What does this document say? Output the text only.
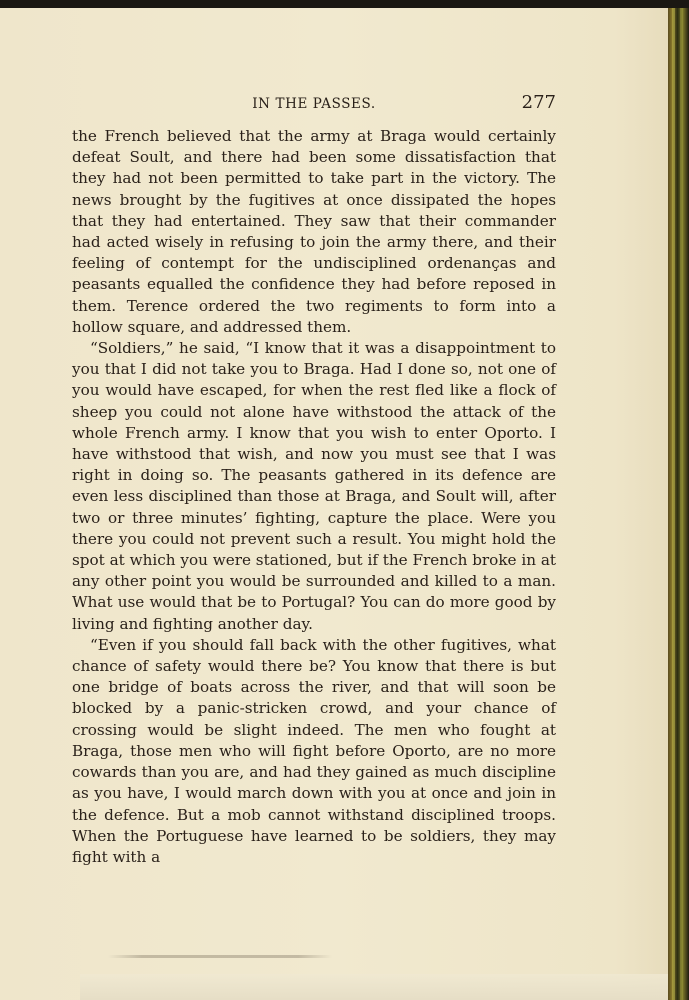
IN THE PASSES.	277

the French believed that the army at Braga would certainly defeat Soult, and there had been some dissatisfaction that they had not been permitted to take part in the victory. The news brought by the fugitives at once dissipated the hopes that they had entertained. They saw that their commander had acted wisely in refusing to join the army there, and their feeling of contempt for the undisciplined ordenanças and peasants equalled the confidence they had before reposed in them. Terence ordered the two regiments to form into a hollow square, and addressed them.

“Soldiers,” he said, “I know that it was a disappointment to you that I did not take you to Braga. Had I done so, not one of you would have escaped, for when the rest fled like a flock of sheep you could not alone have withstood the attack of the whole French army. I know that you wish to enter Oporto. I have withstood that wish, and now you must see that I was right in doing so. The peasants gathered in its defence are even less disciplined than those at Braga, and Soult will, after two or three minutes’ fighting, capture the place. Were you there you could not prevent such a result. You might hold the spot at which you were stationed, but if the French broke in at any other point you would be surrounded and killed to a man. What use would that be to Portugal? You can do more good by living and fighting another day.

“Even if you should fall back with the other fugitives, what chance of safety would there be? You know that there is but one bridge of boats across the river, and that will soon be blocked by a panic-stricken crowd, and your chance of crossing would be slight indeed. The men who fought at Braga, those men who will fight before Oporto, are no more cowards than you are, and had they gained as much discipline as you have, I would march down with you at once and join in the defence. But a mob cannot withstand disciplined troops. When the Portuguese have learned to be soldiers, they may fight with a
